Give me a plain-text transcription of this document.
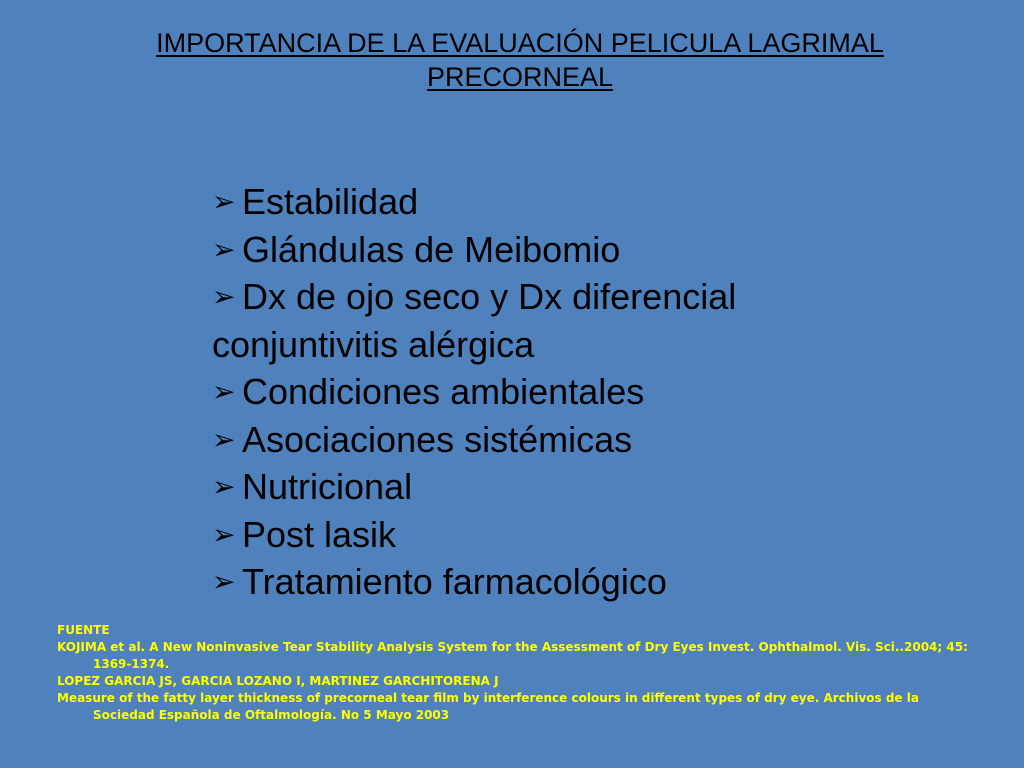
IMPORTANCIA DE LA EVALUACIÓN PELICULA LAGRIMAL
PRECORNEAL
➢ Estabilidad
➢ Glándulas de Meibomio
➢ Dx de ojo seco y Dx diferencial
conjuntivitis alérgica
➢ Condiciones ambientales
➢ Asociaciones sistémicas
➢ Nutricional
➢ Post lasik
➢ Tratamiento farmacológico

FUENTE

KOJIMA et al. A New Noninvasive Tear Stability Analysis System for the Assessment of Dry Eyes Invest. Ophthalmol. Vis. Sci..2004; 45: 1369-1374.

LOPEZ GARCIA JS, GARCIA LOZANO I, MARTINEZ GARCHITORENA J

Measure of the fatty layer thickness of precorneal tear film by interference colours in different types of dry eye. Archivos de la Sociedad Española de Oftalmología. No 5 Mayo 2003
